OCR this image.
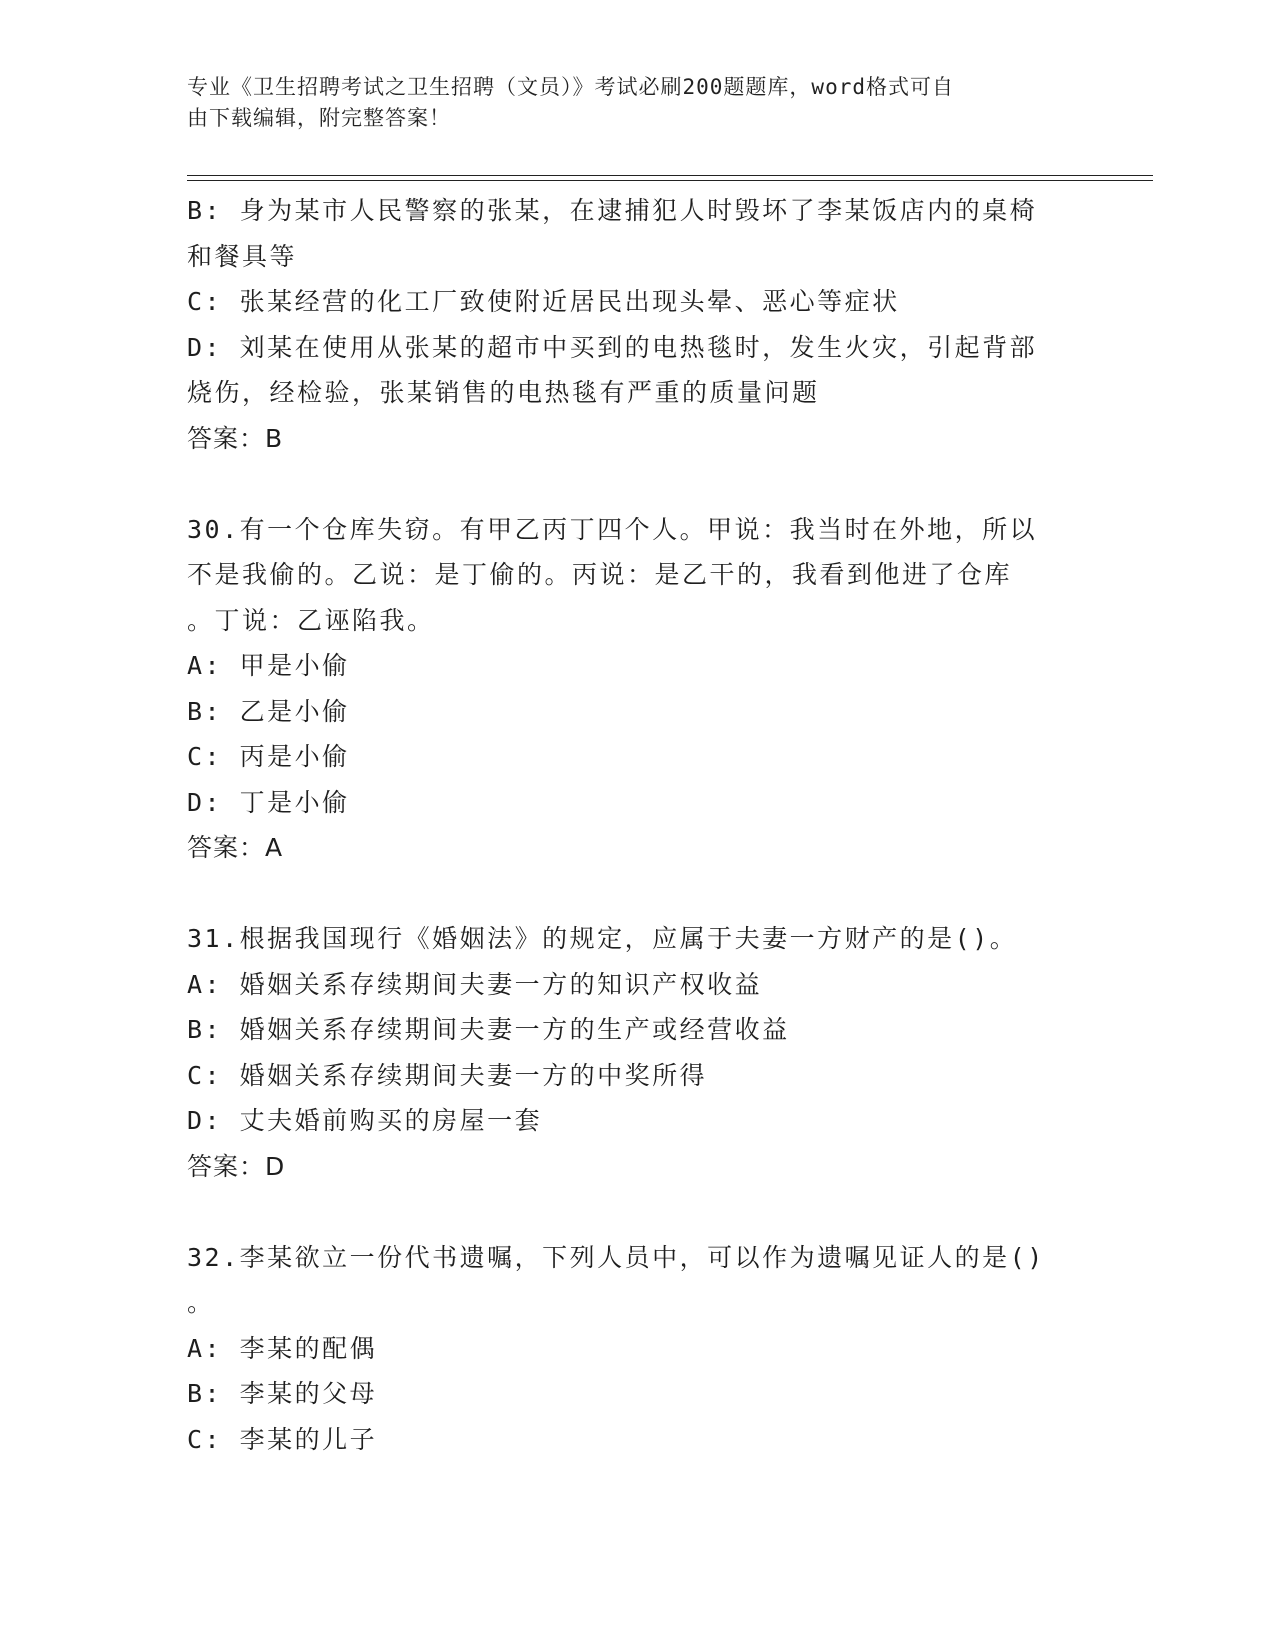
专业《卫生招聘考试之卫生招聘（文员）》考试必刷200题题库，word格式可自
由下载编辑，附完整答案！
B: 身为某市人民警察的张某，在逮捕犯人时毁坏了李某饭店内的桌椅
和餐具等
C: 张某经营的化工厂致使附近居民出现头晕、恶心等症状
D: 刘某在使用从张某的超市中买到的电热毯时，发生火灾，引起背部
烧伤，经检验，张某销售的电热毯有严重的质量问题
答案：B
30.有一个仓库失窃。有甲乙丙丁四个人。甲说：我当时在外地，所以
不是我偷的。乙说：是丁偷的。丙说：是乙干的，我看到他进了仓库
。丁说：乙诬陷我。
A: 甲是小偷
B: 乙是小偷
C: 丙是小偷
D: 丁是小偷
答案：A
31.根据我国现行《婚姻法》的规定，应属于夫妻一方财产的是()。
A: 婚姻关系存续期间夫妻一方的知识产权收益
B: 婚姻关系存续期间夫妻一方的生产或经营收益
C: 婚姻关系存续期间夫妻一方的中奖所得
D: 丈夫婚前购买的房屋一套
答案：D
32.李某欲立一份代书遗嘱，下列人员中，可以作为遗嘱见证人的是()
。
A: 李某的配偶
B: 李某的父母
C: 李某的儿子
